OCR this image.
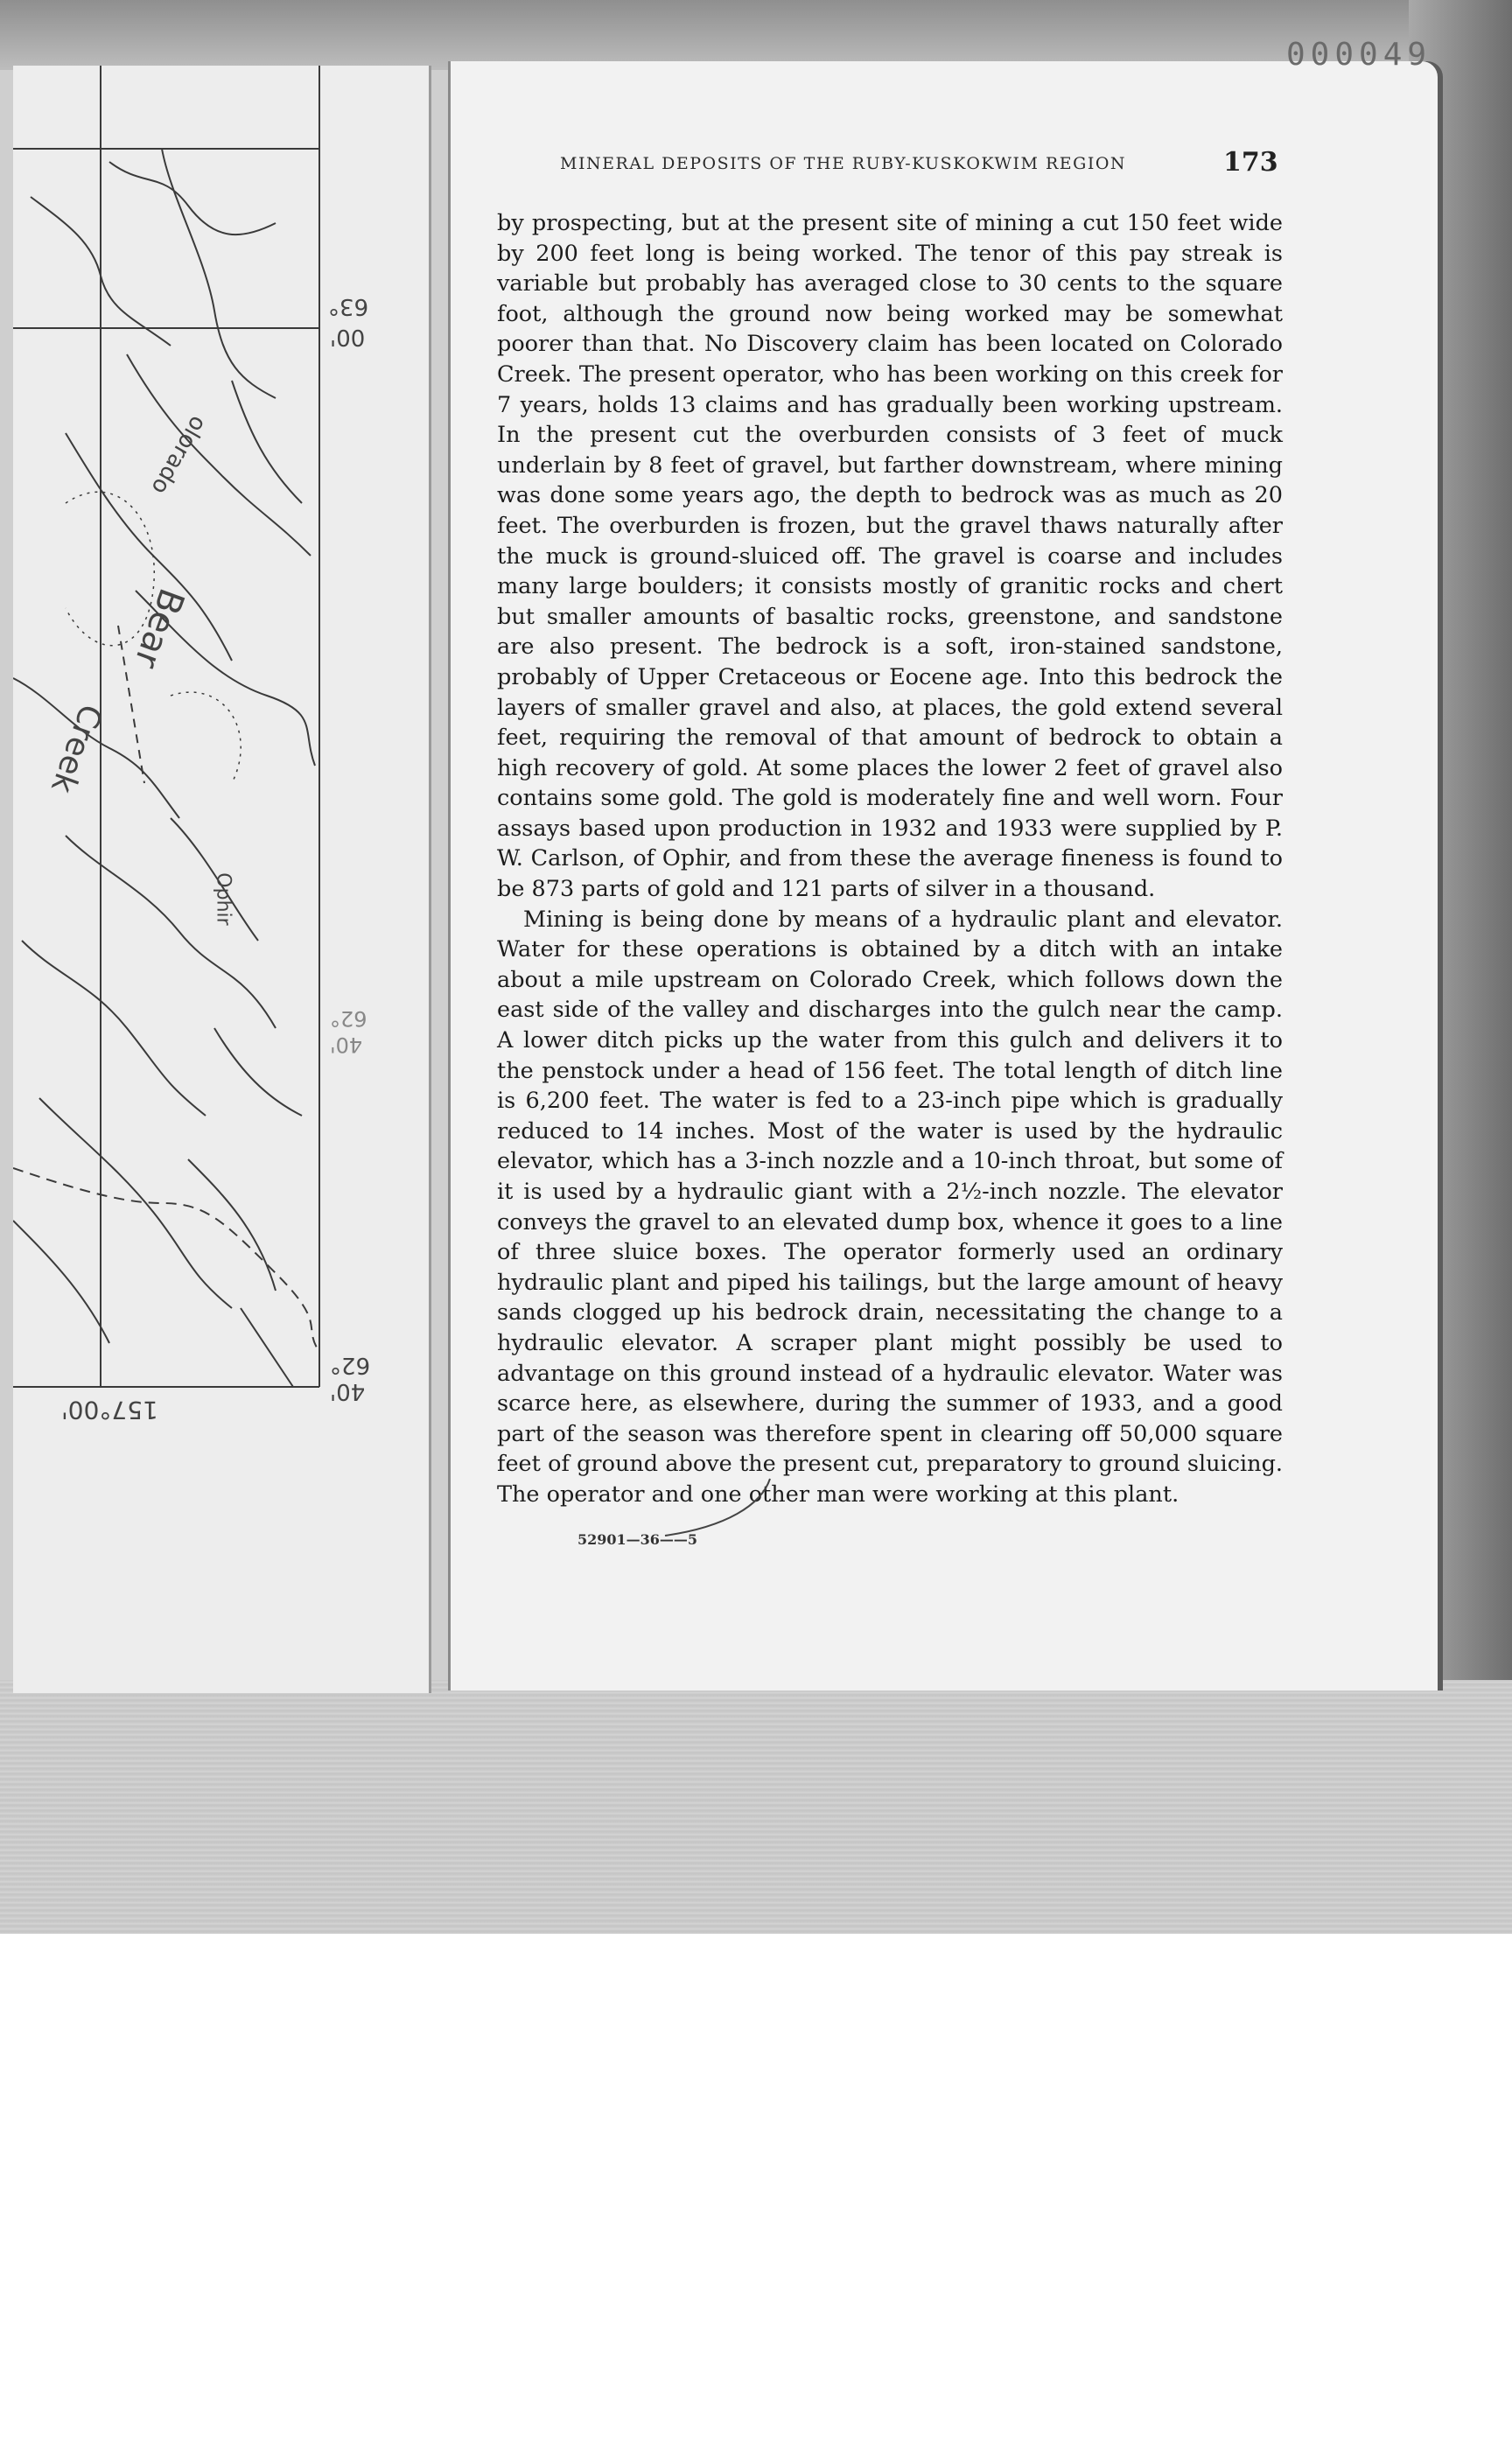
63°
00'
62°
40'
62°
40'
157°00'
Bear
Creek
olorado
Ophir
000049
MINERAL DEPOSITS OF THE RUBY-KUSKOKWIM REGION	173

by prospecting, but at the present site of mining a cut 150 feet wide by 200 feet long is being worked. The tenor of this pay streak is variable but probably has averaged close to 30 cents to the square foot, although the ground now being worked may be somewhat poorer than that. No Discovery claim has been located on Colorado Creek. The present operator, who has been working on this creek for 7 years, holds 13 claims and has gradually been working upstream. In the present cut the overburden consists of 3 feet of muck underlain by 8 feet of gravel, but farther downstream, where mining was done some years ago, the depth to bedrock was as much as 20 feet. The overburden is frozen, but the gravel thaws naturally after the muck is ground-sluiced off. The gravel is coarse and includes many large boulders; it consists mostly of granitic rocks and chert but smaller amounts of basaltic rocks, greenstone, and sandstone are also present. The bedrock is a soft, iron-stained sandstone, probably of Upper Cretaceous or Eocene age. Into this bedrock the layers of smaller gravel and also, at places, the gold extend several feet, requiring the removal of that amount of bedrock to obtain a high recovery of gold. At some places the lower 2 feet of gravel also contains some gold. The gold is moderately fine and well worn. Four assays based upon production in 1932 and 1933 were supplied by P. W. Carlson, of Ophir, and from these the average fineness is found to be 873 parts of gold and 121 parts of silver in a thousand.

Mining is being done by means of a hydraulic plant and elevator. Water for these operations is obtained by a ditch with an intake about a mile upstream on Colorado Creek, which follows down the east side of the valley and discharges into the gulch near the camp. A lower ditch picks up the water from this gulch and delivers it to the penstock under a head of 156 feet. The total length of ditch line is 6,200 feet. The water is fed to a 23-inch pipe which is gradually reduced to 14 inches. Most of the water is used by the hydraulic elevator, which has a 3-inch nozzle and a 10-inch throat, but some of it is used by a hydraulic giant with a 2½-inch nozzle. The elevator conveys the gravel to an elevated dump box, whence it goes to a line of three sluice boxes. The operator formerly used an ordinary hydraulic plant and piped his tailings, but the large amount of heavy sands clogged up his bedrock drain, necessitating the change to a hydraulic elevator. A scraper plant might possibly be used to advantage on this ground instead of a hydraulic elevator. Water was scarce here, as elsewhere, during the summer of 1933, and a good part of the season was therefore spent in clearing off 50,000 square feet of ground above the present cut, preparatory to ground sluicing. The operator and one other man were working at this plant.

52901—36——5
